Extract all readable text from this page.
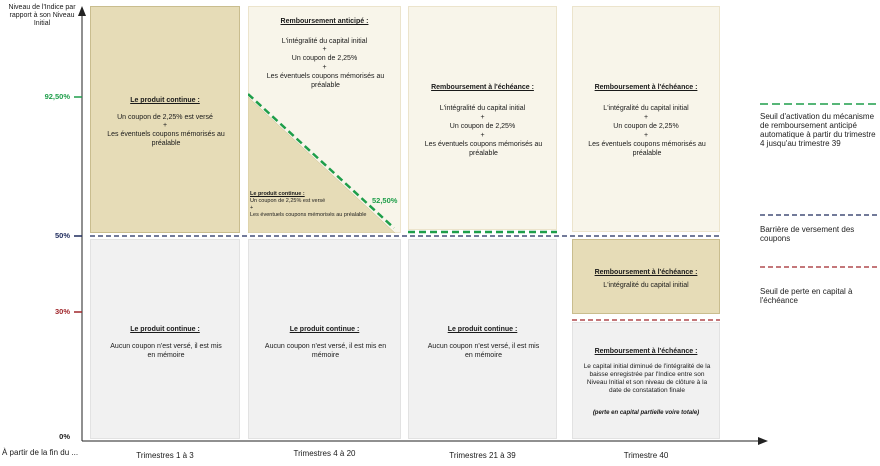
Niveau de l'Indice par rapport à son Niveau Initial
92,50%
50%
30%
0%
Le produit continue :
Un coupon de 2,25% est versé
+
Les éventuels coupons mémorisés au préalable
Le produit continue :
Aucun coupon n'est versé, il est mis en mémoire
Remboursement anticipé :
L'intégralité du capital initial
+
Un coupon de 2,25%
+
Les éventuels coupons mémorisés au préalable
Le produit continue :
Un coupon de 2,25% est versé
+
Les éventuels coupons mémorisés au préalable
52,50%
Le produit continue :
Aucun coupon n'est versé, il est mis en mémoire
Remboursement à l'échéance :
L'intégralité du capital initial
+
Un coupon de 2,25%
+
Les éventuels coupons mémorisés au préalable
Le produit continue :
Aucun coupon n'est versé, il est mis en mémoire
Remboursement à l'échéance :
L'intégralité du capital initial
+
Un coupon de 2,25%
+
Les éventuels coupons mémorisés au préalable
Remboursement à l'échéance :
L'intégralité du capital initial
Remboursement à l'échéance :
Le capital initial diminué de l'intégralité de la baisse enregistrée par l'Indice entre son Niveau Initial et son niveau de clôture à la date de constatation finale
(perte en capital partielle voire totale)
Seuil d'activation du mécanisme de remboursement anticipé automatique à partir du trimestre 4 jusqu'au trimestre 39
Barrière de versement des coupons
Seuil de perte en capital à l'échéance
À partir de la fin du ...	Trimestres 1 à 3	Trimestres 4 à 20	Trimestres 21 à 39	Trimestre 40
